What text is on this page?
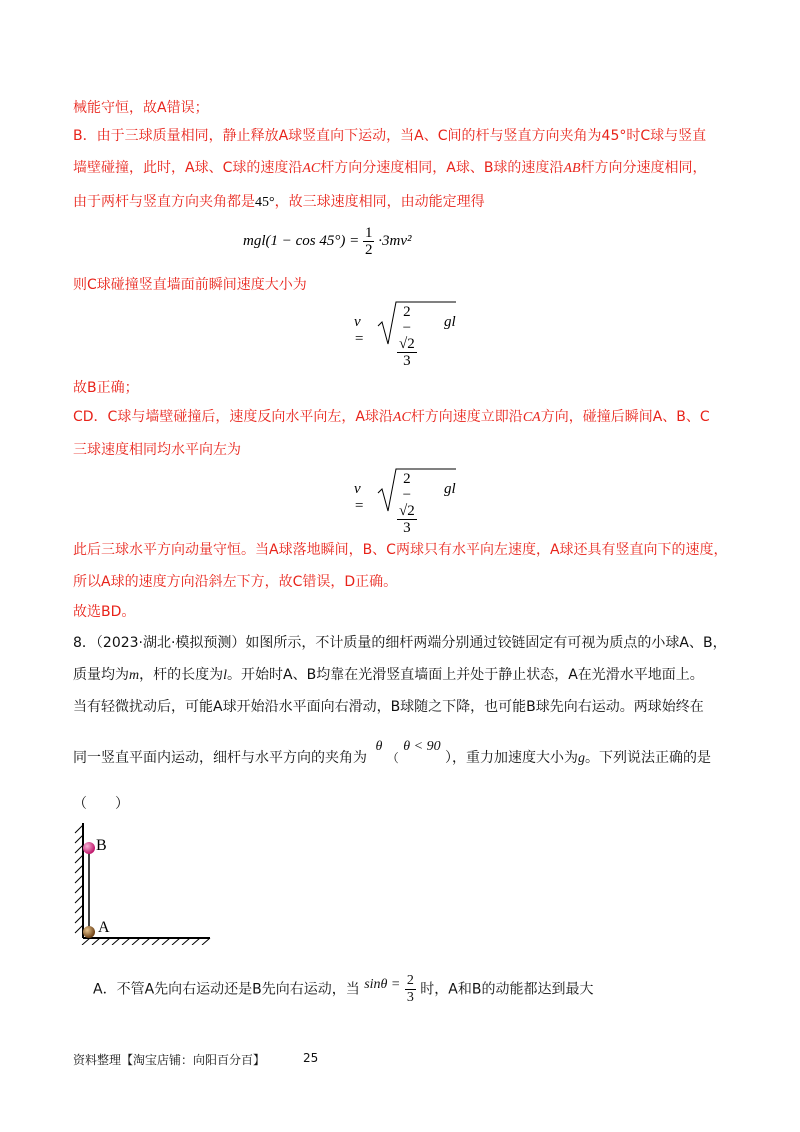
械能守恒，故A错误；
B．由于三球质量相同，静止释放A球竖直向下运动，当A、C间的杆与竖直方向夹角为45°时C球与竖直
墙壁碰撞，此时，A球、C球的速度沿AC杆方向分速度相同，A球、B球的速度沿AB杆方向分速度相同，
由于两杆与竖直方向夹角都是45°，故三球速度相同，由动能定理得
$mgl(1 - \cos 45^\circ) = \frac{1}{2} \cdot 3mv^2$
则C球碰撞竖直墙面前瞬间速度大小为
$v = \frac{2 - √2}{3}$ gl
故B正确；
CD．C球与墙壁碰撞后，速度反向水平向左，A球沿AC杆方向速度立即沿CA方向，碰撞后瞬间A、B、C
三球速度相同均水平向左为
$v = \frac{2 - √2}{3}$ gl
此后三球水平方向动量守恒。当A球落地瞬间，B、C两球只有水平向左速度，A球还具有竖直向下的速度，
所以A球的速度方向沿斜左下方，故C错误，D正确。
故选BD。
8．（2023·湖北·模拟预测）如图所示，不计质量的细杆两端分别通过铰链固定有可视为质点的小球A、B，
质量均为m，杆的长度为l。开始时A、B均靠在光滑竖直墙面上并处于静止状态，A在光滑水平地面上。
当有轻微扰动后，可能A球开始沿水平面向右滑动，B球随之下降，也可能B球先向右运动。两球始终在
同一竖直平面内运动，细杆与水平方向的夹角为 θ （ θ < 90 ），重力加速度大小为g。下列说法正确的是
（　　）
B
A
A．不管A先向右运动还是B先向右运动，当 $\sin\theta = \frac{2}{3}$ 时，A和B的动能都达到最大
资料整理【淘宝店铺：向阳百分百】	25
